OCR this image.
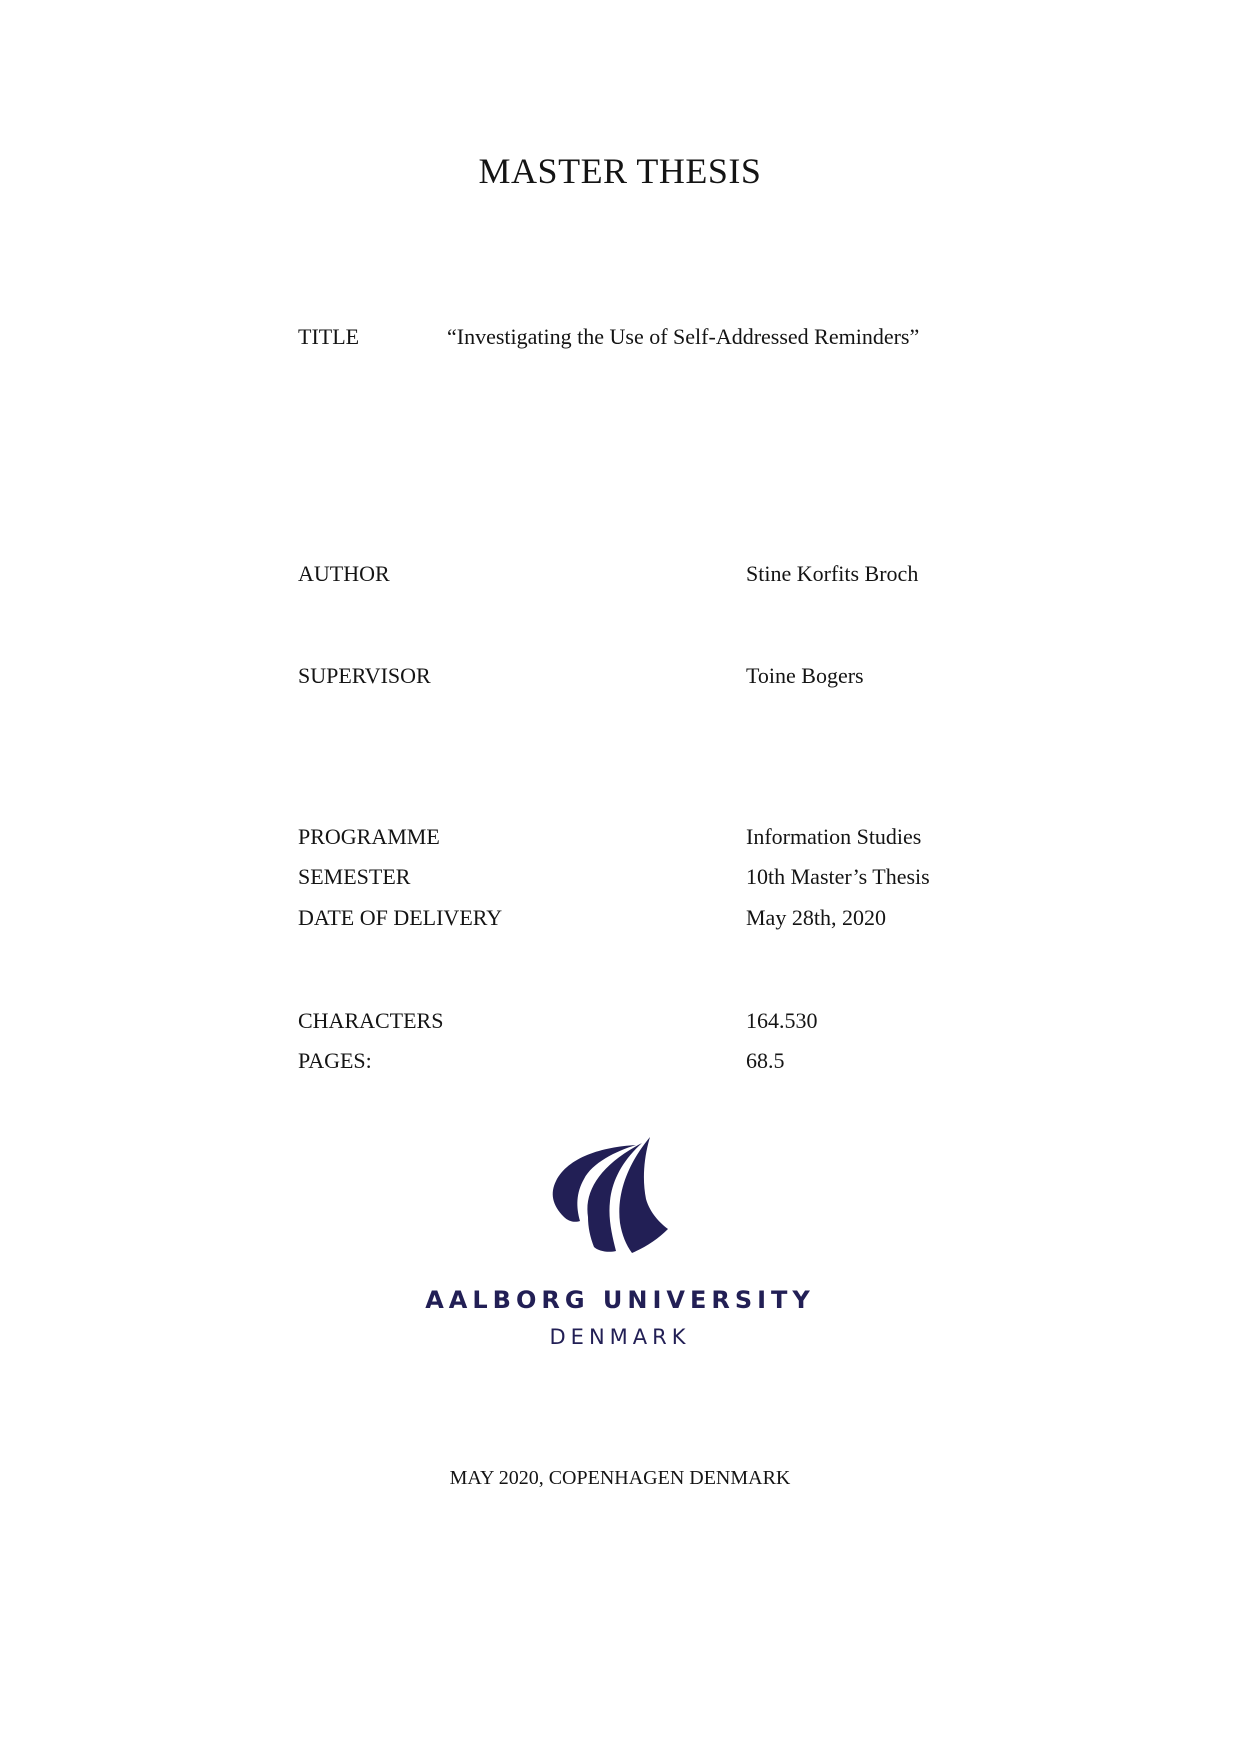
MASTER THESIS
TITLE	“Investigating the Use of Self-Addressed Reminders”
AUTHOR	Stine Korfits Broch
SUPERVISOR	Toine Bogers
PROGRAMME	Information Studies
SEMESTER	10th Master’s Thesis
DATE OF DELIVERY	May 28th, 2020
CHARACTERS	164.530
PAGES:	68.5
AALBORG UNIVERSITY
DENMARK
MAY 2020, COPENHAGEN DENMARK
